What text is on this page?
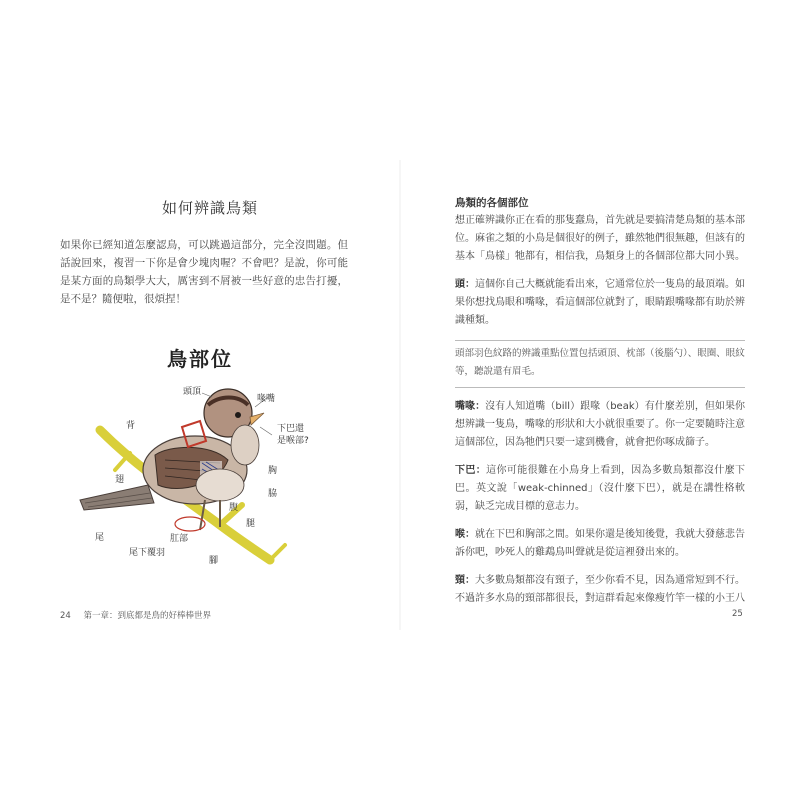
如何辨識鳥類
如果你已經知道怎麼認鳥，可以跳過這部分，完全沒問題。但話說回來，複習一下你是會少塊肉喔？不會吧？是說，你可能是某方面的鳥類學大大，厲害到不屑被一些好意的忠告打擾，是不是？隨便啦，很煩捏！
鳥部位
頭頂
喙嘴
下巴還是喉部?
背
翅
胸
脇
腹
腿
肛部
尾下覆羽
尾
腳
24 第一章：到底都是鳥的好棒棒世界
鳥類的各個部位

想正確辨識你正在看的那隻蠢鳥，首先就是要搞清楚鳥類的基本部位。麻雀之類的小鳥是個很好的例子，雖然牠們很無趣，但該有的基本「鳥樣」牠都有，相信我，鳥類身上的各個部位都大同小異。

頭：這個你自己大概就能看出來，它通常位於一隻鳥的最頂端。如果你想找鳥眼和嘴喙，看這個部位就對了，眼睛跟嘴喙都有助於辨識種類。

頭部羽色紋路的辨識重點位置包括頭頂、枕部（後腦勺）、眼圈、眼紋等，聽說還有眉毛。

嘴喙：沒有人知道嘴（bill）跟喙（beak）有什麼差別，但如果你想辨識一隻鳥，嘴喙的形狀和大小就很重要了。你一定要隨時注意這個部位，因為牠們只要一逮到機會，就會把你啄成篩子。

下巴：這你可能很難在小鳥身上看到，因為多數鳥類都沒什麼下巴。英文說「weak-chinned」（沒什麼下巴），就是在講性格軟弱，缺乏完成目標的意志力。

喉：就在下巴和胸部之間。如果你還是後知後覺，我就大發慈悲告訴你吧，吵死人的雞鵡鳥叫聲就是從這裡發出來的。

頸：大多數鳥類都沒有頸子，至少你看不見，因為通常短到不行。不過許多水鳥的頸部都很長，對這群看起來像瘦竹竿一樣的小王八

25
